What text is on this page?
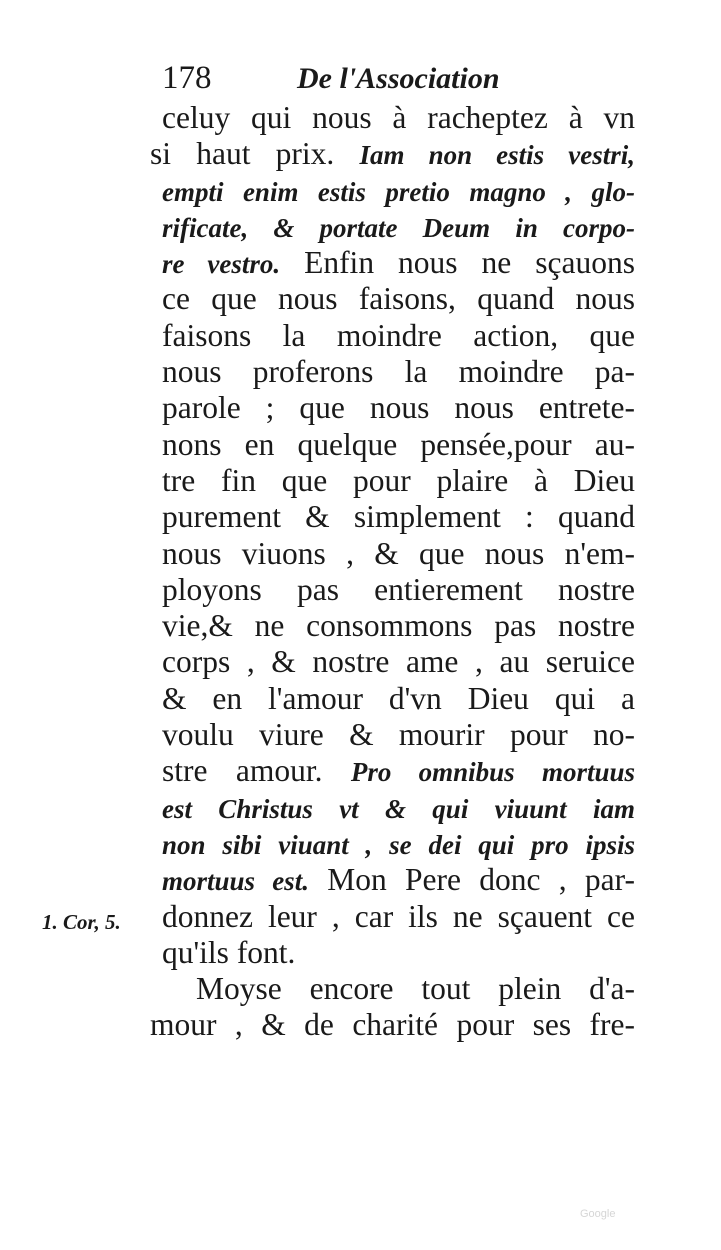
178	De l'Association
celuy qui nous à racheptez à vn
si haut prix. Iam non estis vestri,
empti enim estis pretio magno , glo-
rificate, & portate Deum in corpo-
re vestro. Enfin nous ne sçauons
ce que nous faisons, quand nous
faisons la moindre action, que
nous proferons la moindre pa-
parole ; que nous nous entrete-
nons en quelque pensée,pour au-
tre fin que pour plaire à Dieu
purement & simplement : quand
nous viuons , & que nous n'em-
ployons pas entierement nostre
vie,& ne consommons pas nostre
corps , & nostre ame , au seruice
& en l'amour d'vn Dieu qui a
voulu viure & mourir pour no-
stre amour. Pro omnibus mortuus
est Christus vt & qui viuunt iam
non sibi viuant , se dei qui pro ipsis
mortuus est. Mon Pere donc , par-
donnez leur , car ils ne sçauent ce
qu'ils font.
Moyse encore tout plein d'a-
mour , & de charité pour ses fre-
1. Cor, 5.
Google
